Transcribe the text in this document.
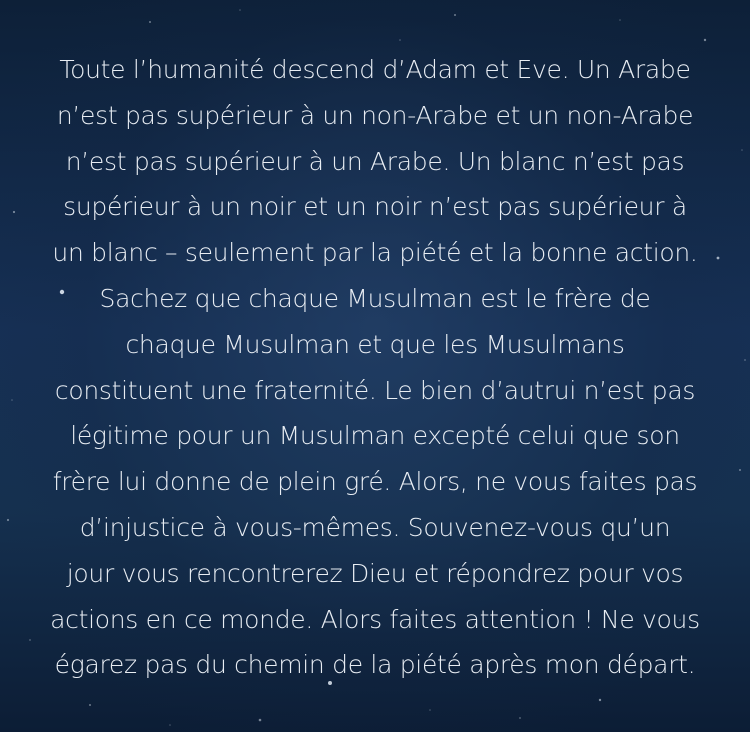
Toute l’humanité descend d’Adam et Eve. Un Arabe
n’est pas supérieur à un non-Arabe et un non-Arabe
n’est pas supérieur à un Arabe. Un blanc n’est pas
supérieur à un noir et un noir n’est pas supérieur à
un blanc – seulement par la piété et la bonne action.
Sachez que chaque Musulman est le frère de
chaque Musulman et que les Musulmans
constituent une fraternité. Le bien d’autrui n’est pas
légitime pour un Musulman excepté celui que son
frère lui donne de plein gré. Alors, ne vous faites pas
d’injustice à vous-mêmes. Souvenez-vous qu’un
jour vous rencontrerez Dieu et répondrez pour vos
actions en ce monde. Alors faites attention ! Ne vous
égarez pas du chemin de la piété après mon départ.
